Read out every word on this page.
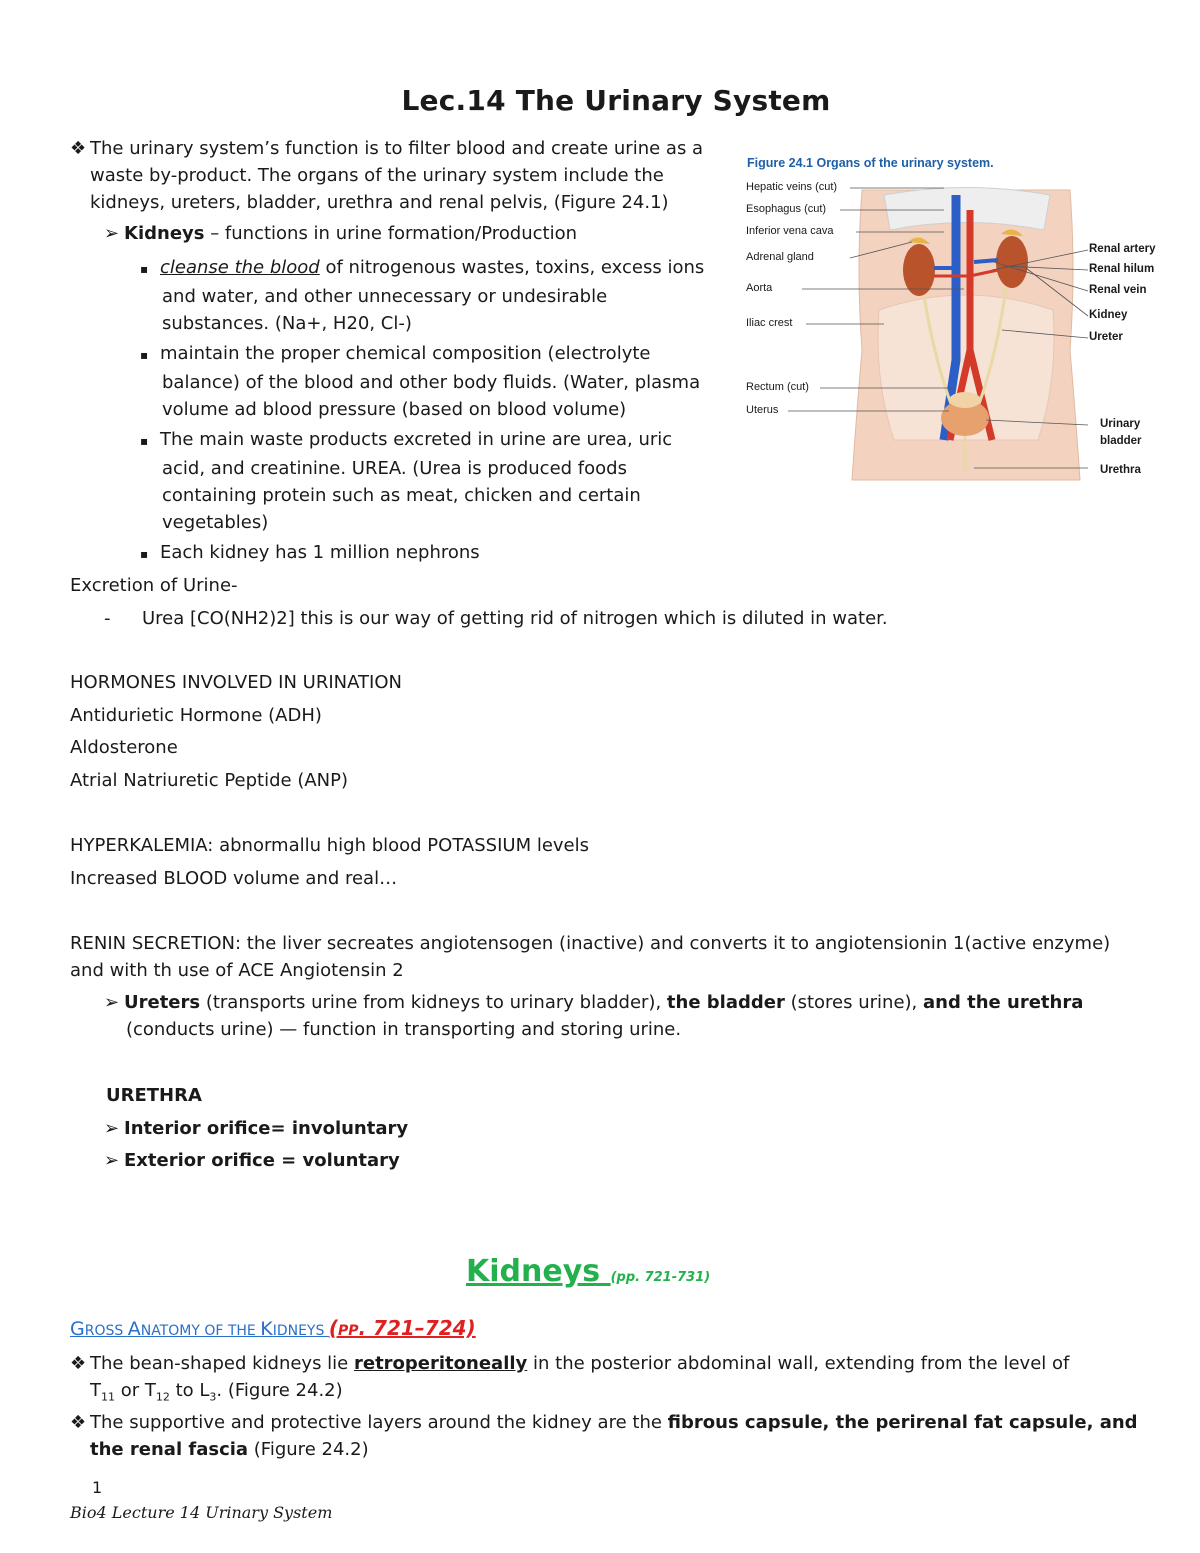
Lec.14 The Urinary System
❖ The urinary system’s function is to filter blood and create urine as a
waste by-product. The organs of the urinary system include the
kidneys, ureters, bladder, urethra and renal pelvis, (Figure 24.1)
➢ Kidneys – functions in urine formation/Production
▪ cleanse the blood of nitrogenous wastes, toxins, excess ions
and water, and other unnecessary or undesirable
substances. (Na+, H20, Cl-)
▪ maintain the proper chemical composition (electrolyte
balance) of the blood and other body fluids. (Water, plasma
volume ad blood pressure (based on blood volume)
▪ The main waste products excreted in urine are urea, uric
acid, and creatinine. UREA. (Urea is produced foods
containing protein such as meat, chicken and certain
vegetables)
▪ Each kidney has 1 million nephrons
Excretion of Urine-
- Urea [CO(NH2)2] this is our way of getting rid of nitrogen which is diluted in water.
HORMONES INVOLVED IN URINATION
Antidurietic Hormone (ADH)
Aldosterone
Atrial Natriuretic Peptide (ANP)
HYPERKALEMIA: abnormallu high blood POTASSIUM levels
Increased BLOOD volume and real…
RENIN SECRETION: the liver secreates angiotensogen (inactive) and converts it to angiotensionin 1(active enzyme)
and with th use of ACE Angiotensin 2
➢ Ureters (transports urine from kidneys to urinary bladder), the bladder (stores urine), and the urethra
(conducts urine) — function in transporting and storing urine.
URETHRA
➢ Interior orifice= involuntary
➢ Exterior orifice = voluntary
Kidneys (pp. 721-731)
GROSS ANATOMY OF THE KIDNEYS (PP. 721–724)
❖ The bean-shaped kidneys lie retroperitoneally in the posterior abdominal wall, extending from the level of
$T_{11}$ or $T_{12}$ to $L_3$. (Figure 24.2)
❖ The supportive and protective layers around the kidney are the fibrous capsule, the perirenal fat capsule, and
the renal fascia (Figure 24.2)
1
Bio4 Lecture 14 Urinary System
Figure 24.1 Organs of the urinary system.
Hepatic veins (cut)
Esophagus (cut)
Inferior vena cava
Adrenal gland
Aorta
Iliac crest
Rectum (cut)
Uterus
Renal artery
Renal hilum
Renal vein
Kidney
Ureter
Urinary
bladder
Urethra
